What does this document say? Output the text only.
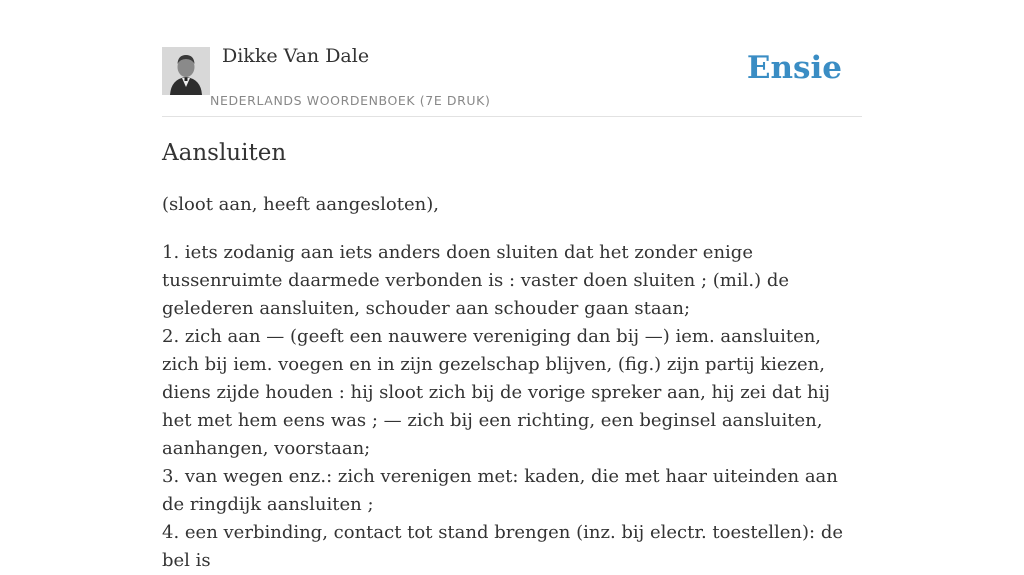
Dikke Van Dale
NEDERLANDS WOORDENBOEK (7E DRUK)
Ensie
Aansluiten
(sloot aan, heeft aangesloten),

1. iets zodanig aan iets anders doen sluiten dat het zonder enige tussenruimte daarmede verbonden is : vaster doen sluiten ; (mil.) de gelederen aansluiten, schouder aan schouder gaan staan;

2. zich aan — (geeft een nauwere vereniging dan bij —) iem. aansluiten, zich bij iem. voegen en in zijn gezelschap blijven, (fig.) zijn partij kiezen, diens zijde houden : hij sloot zich bij de vorige spreker aan, hij zei dat hij het met hem eens was ; — zich bij een richting, een beginsel aansluiten, aanhangen, voorstaan;

3. van wegen enz.: zich verenigen met: kaden, die met haar uiteinden aan de ringdijk aansluiten ;

4. een verbinding, contact tot stand brengen (inz. bij electr. toestellen): de bel is
